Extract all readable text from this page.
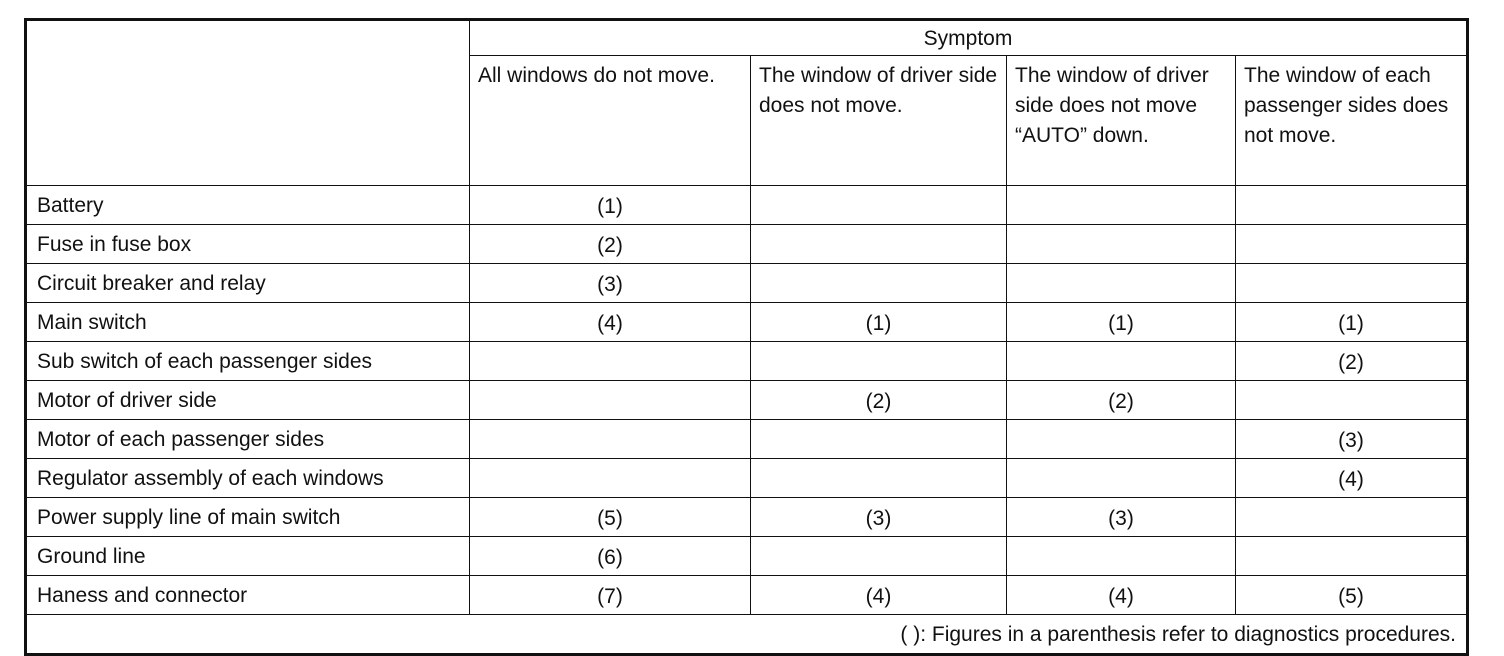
	Symptom			
	All windows do not move.	The window of driver side does not move.	The window of driver side does not move “AUTO” down.	The window of each passenger sides does not move.
Battery	(1)			
Fuse in fuse box	(2)			
Circuit breaker and relay	(3)			
Main switch	(4)	(1)	(1)	(1)
Sub switch of each passenger sides				(2)
Motor of driver side		(2)	(2)	
Motor of each passenger sides				(3)
Regulator assembly of each windows				(4)
Power supply line of main switch	(5)	(3)	(3)	
Ground line	(6)			
Haness and connector	(7)	(4)	(4)	(5)
( ): Figures in a parenthesis refer to diagnostics procedures.				
